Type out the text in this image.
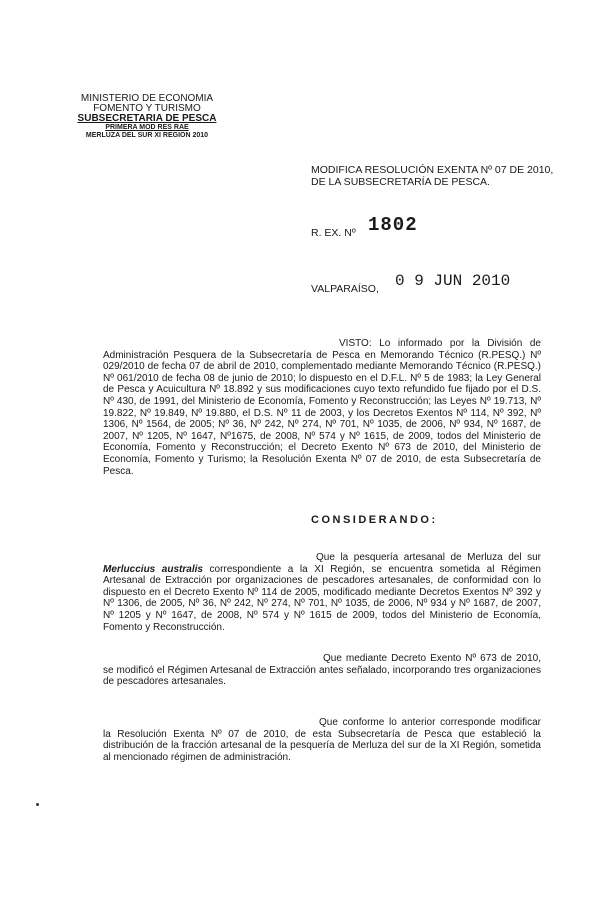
MINISTERIO DE ECONOMIA
FOMENTO Y TURISMO
SUBSECRETARIA DE PESCA
PRIMERA MOD RES RAE
MERLUZA DEL SUR XI REGION 2010
MODIFICA RESOLUCIÓN EXENTA Nº 07 DE 2010, DE LA SUBSECRETARÍA DE PESCA.
R. EX. Nº 1802
VALPARAÍSO, 0 9 JUN 2010
VISTO: Lo informado por la División de Administración Pesquera de la Subsecretaría de Pesca en Memorando Técnico (R.PESQ.) Nº 029/2010 de fecha 07 de abril de 2010, complementado mediante Memorando Técnico (R.PESQ.) Nº 061/2010 de fecha 08 de junio de 2010; lo dispuesto en el D.F.L. Nº 5 de 1983; la Ley General de Pesca y Acuicultura Nº 18.892 y sus modificaciones cuyo texto refundido fue fijado por el D.S. Nº 430, de 1991, del Ministerio de Economía, Fomento y Reconstrucción; las Leyes Nº 19.713, Nº 19.822, Nº 19.849, Nº 19.880, el D.S. Nº 11 de 2003, y los Decretos Exentos Nº 114, Nº 392, Nº 1306, Nº 1564, de 2005; Nº 36, Nº 242, Nº 274, Nº 701, Nº 1035, de 2006, Nº 934, Nº 1687, de 2007, Nº 1205, Nº 1647, Nº1675, de 2008, Nº 574 y Nº 1615, de 2009, todos del Ministerio de Economía, Fomento y Reconstrucción; el Decreto Exento Nº 673 de 2010, del Ministerio de Economía, Fomento y Turismo; la Resolución Exenta Nº 07 de 2010, de esta Subsecretaría de Pesca.
CONSIDERANDO:
Que la pesquería artesanal de Merluza del sur Merluccius australis correspondiente a la XI Región, se encuentra sometida al Régimen Artesanal de Extracción por organizaciones de pescadores artesanales, de conformidad con lo dispuesto en el Decreto Exento Nº 114 de 2005, modificado mediante Decretos Exentos Nº 392 y Nº 1306, de 2005, Nº 36, Nº 242, Nº 274, Nº 701, Nº 1035, de 2006, Nº 934 y Nº 1687, de 2007, Nº 1205 y Nº 1647, de 2008, Nº 574 y Nº 1615 de 2009, todos del Ministerio de Economía, Fomento y Reconstrucción.
Que mediante Decreto Exento Nº 673 de 2010, se modificó el Régimen Artesanal de Extracción antes señalado, incorporando tres organizaciones de pescadores artesanales.
Que conforme lo anterior corresponde modificar la Resolución Exenta Nº 07 de 2010, de esta Subsecretaría de Pesca que estableció la distribución de la fracción artesanal de la pesquería de Merluza del sur de la XI Región, sometida al mencionado régimen de administración.
